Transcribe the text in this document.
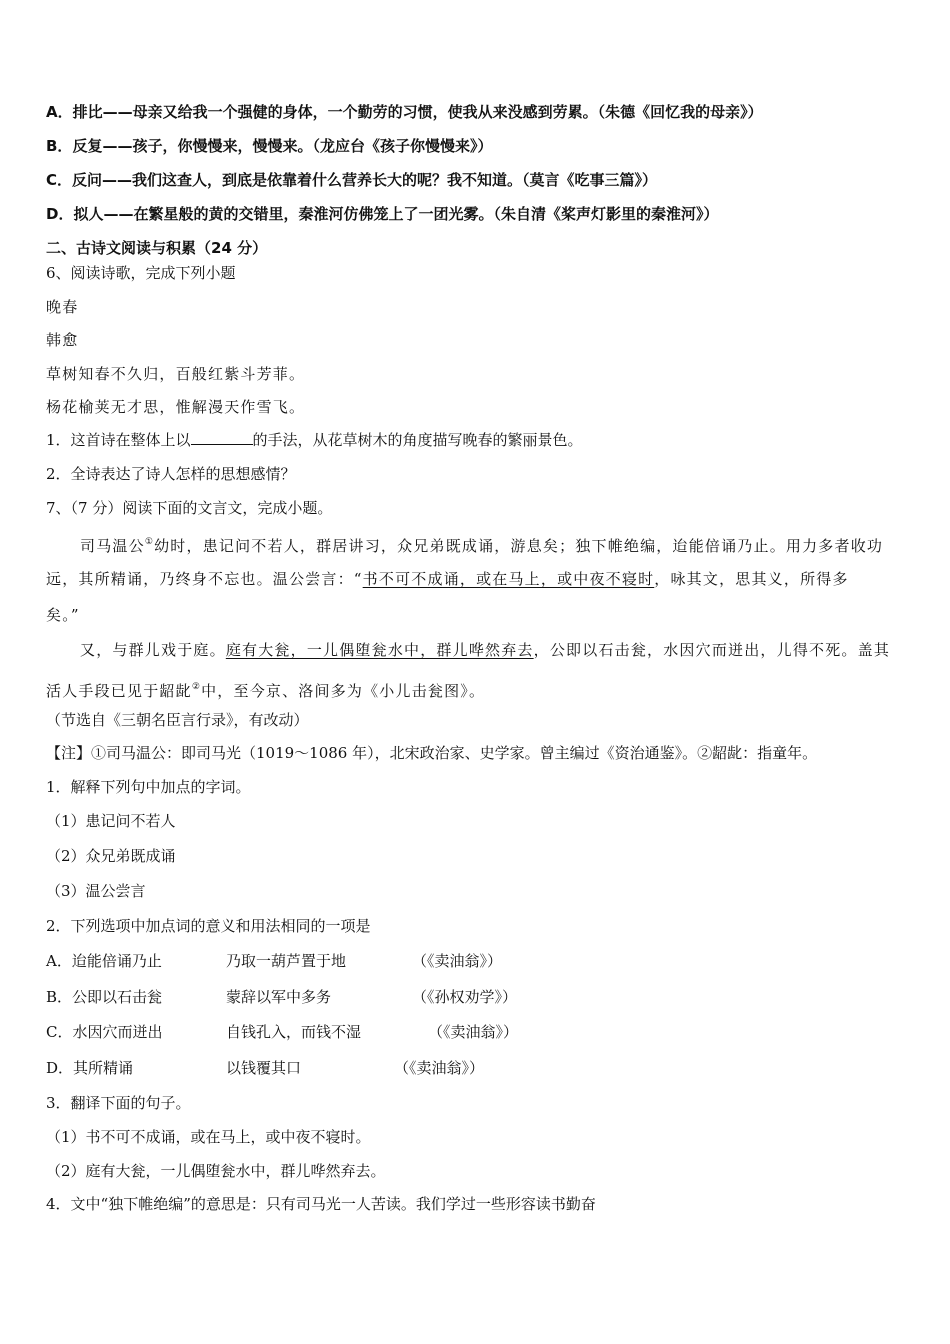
A．排比——母亲又给我一个强健的身体，一个勤劳的习惯，使我从来没感到劳累。（朱德《回忆我的母亲》）
B．反复——孩子，你慢慢来，慢慢来。（龙应台《孩子你慢慢来》）
C．反问——我们这查人，到底是依靠着什么营养长大的呢？我不知道。（莫言《吃事三篇》）
D．拟人——在繁星般的黄的交错里，秦淮河仿佛笼上了一团光雾。（朱自清《桨声灯影里的秦淮河》）
二、古诗文阅读与积累（24 分）
6、阅读诗歌，完成下列小题
晚春
韩愈
草树知春不久归，百般红紫斗芳菲。
杨花榆荚无才思，惟解漫天作雪飞。
1．这首诗在整体上以	的手法，从花草树木的角度描写晚春的繁丽景色。
2．全诗表达了诗人怎样的思想感情？
7、（7 分）阅读下面的文言文，完成小题。
司马温公①幼时，患记问不若人，群居讲习，众兄弟既成诵，游息矣；独下帷绝编，迨能倍诵乃止。用力多者收功
远，其所精诵，乃终身不忘也。温公尝言：“书不可不成诵，或在马上，或中夜不寝时，咏其文，思其义，所得多
矣。”
又，与群儿戏于庭。庭有大瓮，一儿偶堕瓮水中，群儿哗然弃去，公即以石击瓮，水因穴而迸出，儿得不死。盖其
活人手段已见于龆龀②中，至今京、洛间多为《小儿击瓮图》。
（节选自《三朝名臣言行录》，有改动）
【注】①司马温公：即司马光（1019～1086 年），北宋政治家、史学家。曾主编过《资治通鉴》。②龆龀：指童年。
1．解释下列句中加点的字词。
（1）患记问不若人
（2）众兄弟既成诵
（3）温公尝言
2．下列选项中加点词的意义和用法相同的一项是
A．迨能倍诵乃止	乃取一葫芦置于地	（《卖油翁》）
B．公即以石击瓮	蒙辞以军中多务	（《孙权劝学》）
C．水因穴而迸出	自钱孔入，而钱不湿	（《卖油翁》）
D．其所精诵	以钱覆其口	（《卖油翁》）
3．翻译下面的句子。
（1）书不可不成诵，或在马上，或中夜不寝时。
（2）庭有大瓮，一儿偶堕瓮水中，群儿哗然弃去。
4．文中“独下帷绝编”的意思是：只有司马光一人苦读。我们学过一些形容读书勤奋
